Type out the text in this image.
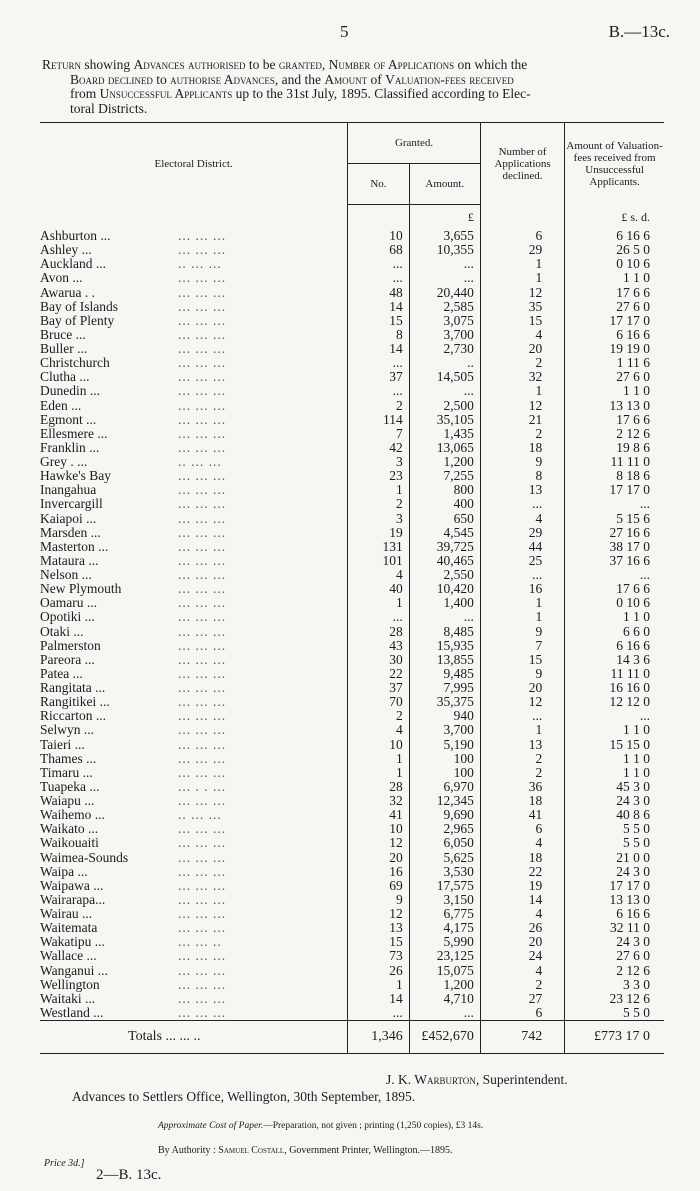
5	B.—13c.
Return showing Advances authorised to be granted, Number of Applications on which the
Board declined to authorise Advances, and the Amount of Valuation-fees received
from Unsuccessful Applicants up to the 31st July, 1895. Classified according to Elec-
toral Districts.
Electoral District.	Granted.		Number of Applications declined.	Amount of Valuation-fees received from Unsuccessful Applicants.
	No.	Amount.		
		£		£ s. d.
Ashburton ... ... ... ...	10	3,655	6	6 16 6
Ashley ... ... ... ...	68	10,355	29	26 5 0
Auckland ... .. ... ...	...	...	1	0 10 6
Avon ... ... ... ...	...	...	1	1 1 0
Awarua . . ... ... ...	48	20,440	12	17 6 6
Bay of Islands ... ... ...	14	2,585	35	27 6 0
Bay of Plenty ... ... ...	15	3,075	15	17 17 0
Bruce ... ... ... ...	8	3,700	4	6 16 6
Buller ... ... ... ...	14	2,730	20	19 19 0
Christchurch ... ... ...	...	..	2	1 11 6
Clutha ... ... ... ...	37	14,505	32	27 6 0
Dunedin ... ... ... ...	...	...	1	1 1 0
Eden ... ... ... ...	2	2,500	12	13 13 0
Egmont ... ... ... ...	114	35,105	21	17 6 6
Ellesmere ... ... ... ...	7	1,435	2	2 12 6
Franklin ... ... ... ...	42	13,065	18	19 8 6
Grey . ... .. ... ...	3	1,200	9	11 11 0
Hawke's Bay ... ... ...	23	7,255	8	8 18 6
Inangahua ... ... ...	1	800	13	17 17 0
Invercargill ... ... ...	2	400	...	...
Kaiapoi ... ... ... ...	3	650	4	5 15 6
Marsden ... ... ... ...	19	4,545	29	27 16 6
Masterton ... ... ... ...	131	39,725	44	38 17 0
Mataura ... ... ... ...	101	40,465	25	37 16 6
Nelson ... ... ... ...	4	2,550	...	...
New Plymouth ... ... ...	40	10,420	16	17 6 6
Oamaru ... ... ... ...	1	1,400	1	0 10 6
Opotiki ... ... ... ...	...	...	1	1 1 0
Otaki ... ... ... ...	28	8,485	9	6 6 0
Palmerston ... ... ...	43	15,935	7	6 16 6
Pareora ... ... ... ...	30	13,855	15	14 3 6
Patea ... ... ... ...	22	9,485	9	11 11 0
Rangitata ... ... ... ...	37	7,995	20	16 16 0
Rangitikei ... ... ... ...	70	35,375	12	12 12 0
Riccarton ... ... ... ...	2	940	...	...
Selwyn ... ... ... ...	4	3,700	1	1 1 0
Taieri ... ... ... ...	10	5,190	13	15 15 0
Thames ... ... ... ...	1	100	2	1 1 0
Timaru ... ... ... ...	1	100	2	1 1 0
Tuapeka ... ... . . ...	28	6,970	36	45 3 0
Waiapu ... ... ... ...	32	12,345	18	24 3 0
Waihemo ... .. ... ...	41	9,690	41	40 8 6
Waikato ... ... ... ...	10	2,965	6	5 5 0
Waikouaiti ... ... ...	12	6,050	4	5 5 0
Waimea-Sounds ... ... ...	20	5,625	18	21 0 0
Waipa ... ... ... ...	16	3,530	22	24 3 0
Waipawa ... ... ... ...	69	17,575	19	17 17 0
Wairarapa... ... ... ...	9	3,150	14	13 13 0
Wairau ... ... ... ...	12	6,775	4	6 16 6
Waitemata ... ... ...	13	4,175	26	32 11 0
Wakatipu ... ... ... ..	15	5,990	20	24 3 0
Wallace ... ... ... ...	73	23,125	24	27 6 0
Wanganui ... ... ... ...	26	15,075	4	2 12 6
Wellington ... ... ...	1	1,200	2	3 3 0
Waitaki ... ... ... ...	14	4,710	27	23 12 6
Westland ... ... ... ...	...	...	6	5 5 0
Totals ... ... ..	1,346	£452,670	742	£773 17 0
J. K. Warburton, Superintendent.
Advances to Settlers Office, Wellington, 30th September, 1895.
Approximate Cost of Paper.—Preparation, not given ; printing (1,250 copies), £3 14s.
By Authority : Samuel Costall, Government Printer, Wellington.—1895.
Price 3d.]
2—B. 13c.
